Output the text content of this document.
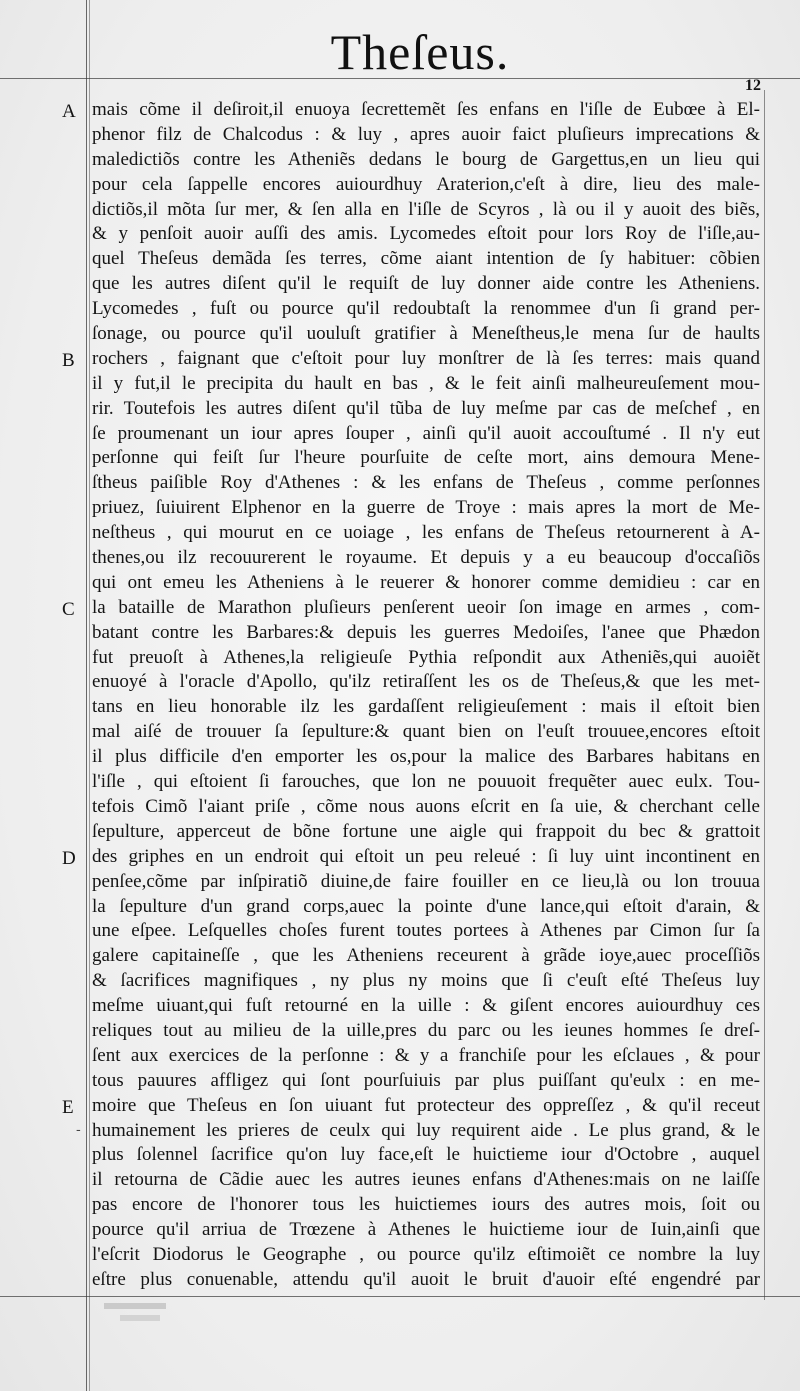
Theſeus.
12
A
B
C
D
E
-
mais cõme il deſiroit,il enuoya ſecrettemẽt ſes enfans en l'iſle de Eubœe à El-
phenor filz de Chalcodus : & luy , apres auoir faict pluſieurs imprecations &
maledictiõs contre les Atheniẽs dedans le bourg de Gargettus,en un lieu qui
pour cela ſappelle encores auiourdhuy Araterion,c'eſt à dire, lieu des male-
dictiõs,il mõta ſur mer, & ſen alla en l'iſle de Scyros , là ou il y auoit des biẽs,
& y penſoit auoir auſſi des amis. Lycomedes eſtoit pour lors Roy de l'iſle,au-
quel Theſeus demãda ſes terres, cõme aiant intention de ſy habituer: cõbien
que les autres diſent qu'il le requiſt de luy donner aide contre les Atheniens.
Lycomedes , fuſt ou pource qu'il redoubtaſt la renommee d'un ſi grand per-
ſonage, ou pource qu'il uouluſt gratifier à Meneſtheus,le mena ſur de haults
rochers , faignant que c'eſtoit pour luy monſtrer de là ſes terres: mais quand
il y fut,il le precipita du hault en bas , & le feit ainſi malheureuſement mou-
rir. Toutefois les autres diſent qu'il tũba de luy meſme par cas de meſchef , en
ſe proumenant un iour apres ſouper , ainſi qu'il auoit accouſtumé . Il n'y eut
perſonne qui feiſt ſur l'heure pourſuite de ceſte mort, ains demoura Mene-
ſtheus paiſible Roy d'Athenes : & les enfans de Theſeus , comme perſonnes
priuez, ſuiuirent Elphenor en la guerre de Troye : mais apres la mort de Me-
neſtheus , qui mourut en ce uoiage , les enfans de Theſeus retournerent à A-
thenes,ou ilz recouurerent le royaume. Et depuis y a eu beaucoup d'occaſiõs
qui ont emeu les Atheniens à le reuerer & honorer comme demidieu : car en
la bataille de Marathon pluſieurs penſerent ueoir ſon image en armes , com-
batant contre les Barbares:& depuis les guerres Medoiſes, l'anee que Phædon
fut preuoſt à Athenes,la religieuſe Pythia reſpondit aux Atheniẽs,qui auoiẽt
enuoyé à l'oracle d'Apollo, qu'ilz retiraſſent les os de Theſeus,& que les met-
tans en lieu honorable ilz les gardaſſent religieuſement : mais il eſtoit bien
mal aiſé de trouuer ſa ſepulture:& quant bien on l'euſt trouuee,encores eſtoit
il plus difficile d'en emporter les os,pour la malice des Barbares habitans en
l'iſle , qui eſtoient ſi farouches, que lon ne pouuoit frequẽter auec eulx. Tou-
tefois Cimõ l'aiant priſe , cõme nous auons eſcrit en ſa uie, & cherchant celle
ſepulture, apperceut de bõne fortune une aigle qui frappoit du bec & grattoit
des griphes en un endroit qui eſtoit un peu releué : ſi luy uint incontinent en
penſee,cõme par inſpiratiõ diuine,de faire fouiller en ce lieu,là ou lon trouua
la ſepulture d'un grand corps,auec la pointe d'une lance,qui eſtoit d'arain, &
une eſpee. Leſquelles choſes furent toutes portees à Athenes par Cimon ſur ſa
galere capitaineſſe , que les Atheniens receurent à grãde ioye,auec proceſſiõs
& ſacrifices magnifiques , ny plus ny moins que ſi c'euſt eſté Theſeus luy
meſme uiuant,qui fuſt retourné en la uille : & giſent encores auiourdhuy ces
reliques tout au milieu de la uille,pres du parc ou les ieunes hommes ſe dreſ-
ſent aux exercices de la perſonne : & y a franchiſe pour les eſclaues , & pour
tous pauures affligez qui ſont pourſuiuis par plus puiſſant qu'eulx : en me-
moire que Theſeus en ſon uiuant fut protecteur des oppreſſez , & qu'il receut
humainement les prieres de ceulx qui luy requirent aide . Le plus grand, & le
plus ſolennel ſacrifice qu'on luy face,eſt le huictieme iour d'Octobre , auquel
il retourna de Cãdie auec les autres ieunes enfans d'Athenes:mais on ne laiſſe
pas encore de l'honorer tous les huictiemes iours des autres mois, ſoit ou
pource qu'il arriua de Trœzene à Athenes le huictieme iour de Iuin,ainſi que
l'eſcrit Diodorus le Geographe , ou pource qu'ilz eſtimoiẽt ce nombre la luy
eſtre plus conuenable, attendu qu'il auoit le bruit d'auoir eſté engendré par
